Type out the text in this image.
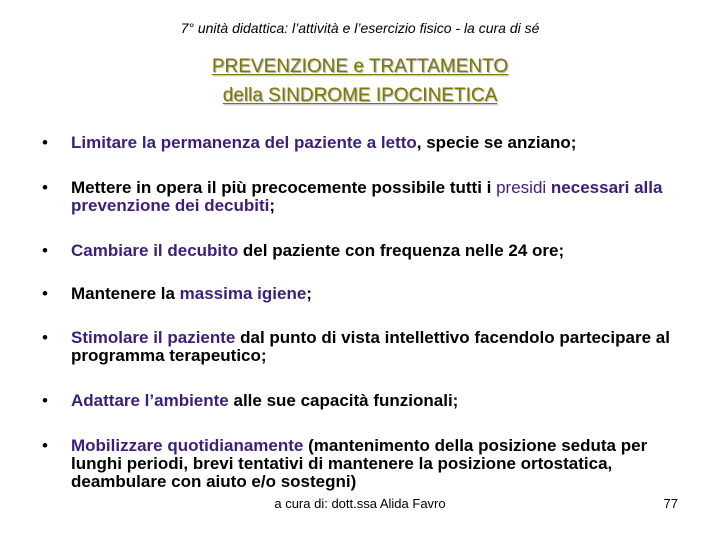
7° unità didattica: l’attività e l’esercizio fisico - la cura di sé
PREVENZIONE e TRATTAMENTO
della SINDROME IPOCINETICA
• Limitare la permanenza del paziente a letto, specie se anziano;
• Mettere in opera il più precocemente possibile tutti i presidi necessari alla prevenzione dei decubiti;
• Cambiare il decubito del paziente con frequenza nelle 24 ore;
• Mantenere la massima igiene;
• Stimolare il paziente dal punto di vista intellettivo facendolo partecipare al programma terapeutico;
• Adattare l’ambiente alle sue capacità funzionali;
• Mobilizzare quotidianamente (mantenimento della posizione seduta per lunghi periodi, brevi tentativi di mantenere la posizione ortostatica, deambulare con aiuto e/o sostegni)
a cura di: dott.ssa Alida Favro	77
